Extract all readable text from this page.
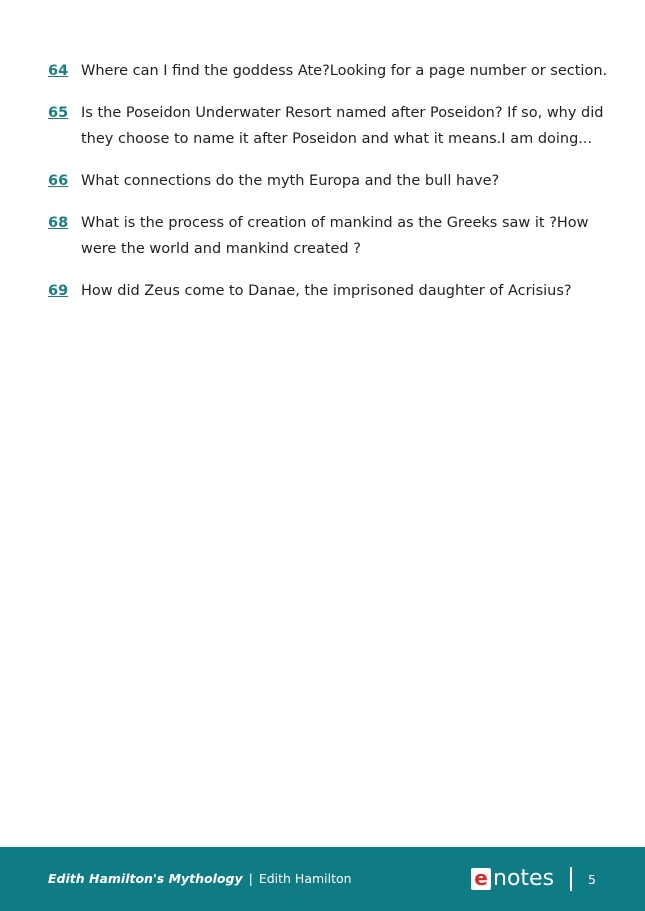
64 Where can I find the goddess Ate?Looking for a page number or section.
65 Is the Poseidon Underwater Resort named after Poseidon? If so, why did they choose to name it after Poseidon and what it means.I am doing...
66 What connections do the myth Europa and the bull have?
68 What is the process of creation of mankind as the Greeks saw it ?How were the world and mankind created ?
69 How did Zeus come to Danae, the imprisoned daughter of Acrisius?
Edith Hamilton's Mythology | Edith Hamilton	e notes	5
